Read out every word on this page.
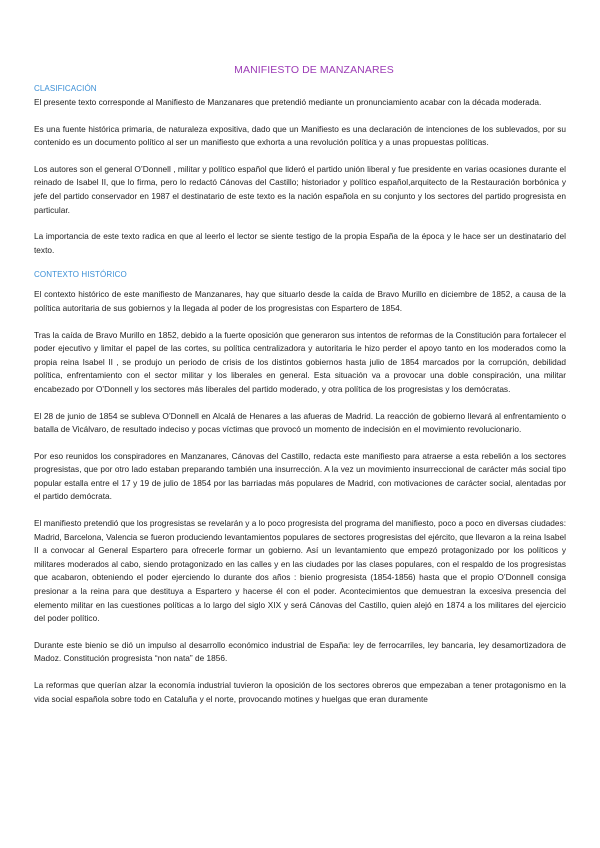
MANIFIESTO DE MANZANARES
CLASIFICACIÓN

El presente texto corresponde al Manifiesto de Manzanares que pretendió mediante un pronunciamiento acabar con la década moderada.

Es una fuente histórica primaria, de naturaleza expositiva, dado que un Manifiesto es una declaración de intenciones de los sublevados, por su contenido es un documento político al ser un manifiesto que exhorta a una revolución política y a unas propuestas políticas.

Los autores son el general O’Donnell , militar y político español que lideró el partido unión liberal y fue presidente en varias ocasiones durante el reinado de Isabel II, que lo firma, pero lo redactó Cánovas del Castillo; historiador y político español,arquitecto de la Restauración borbónica y jefe del partido conservador en 1987 el destinatario de este texto es la nación española en su conjunto y los sectores del partido progresista en particular.

La importancia de este texto radica en que al leerlo el lector se siente testigo de la propia España de la época y le hace ser un destinatario del texto.

CONTEXTO HISTÓRICO

El contexto histórico de este manifiesto de Manzanares, hay que situarlo desde la caída de Bravo Murillo en diciembre de 1852, a causa de la política autoritaria de sus gobiernos y la llegada al poder de los progresistas con Espartero de 1854.

Tras la caída de Bravo Murillo en 1852, debido a la fuerte oposición que generaron sus intentos de reformas de la Constitución para fortalecer el poder ejecutivo y limitar el papel de las cortes, su política centralizadora y autoritaria le hizo perder el apoyo tanto en los moderados como la propia reina Isabel II , se produjo un periodo de crisis de los distintos gobiernos hasta julio de 1854 marcados por la corrupción, debilidad política, enfrentamiento con el sector militar y los liberales en general. Esta situación va a provocar una doble conspiración, una militar encabezado por O’Donnell y los sectores más liberales del partido moderado, y otra política de los progresistas y los demócratas.

El 28 de junio de 1854 se subleva O’Donnell en Alcalá de Henares a las afueras de Madrid. La reacción de gobierno llevará al enfrentamiento o batalla de Vicálvaro, de resultado indeciso y pocas víctimas que provocó un momento de indecisión en el movimiento revolucionario.

Por eso reunidos los conspiradores en Manzanares, Cánovas del Castillo, redacta este manifiesto para atraerse a esta rebelión a los sectores progresistas, que por otro lado estaban preparando también una insurrección. A la vez un movimiento insurreccional de carácter más social tipo popular estalla entre el 17 y 19 de julio de 1854 por las barriadas más populares de Madrid, con motivaciones de carácter social, alentadas por el partido demócrata.

El manifiesto pretendió que los progresistas se revelarán y a lo poco progresista del programa del manifiesto, poco a poco en diversas ciudades: Madrid, Barcelona, Valencia se fueron produciendo levantamientos populares de sectores progresistas del ejército, que llevaron a la reina Isabel II a convocar al General Espartero para ofrecerle formar un gobierno. Así un levantamiento que empezó protagonizado por los políticos y militares moderados al cabo, siendo protagonizado en las calles y en las ciudades por las clases populares, con el respaldo de los progresistas que acabaron, obteniendo el poder ejerciendo lo durante dos años : bienio progresista (1854-1856) hasta que el propio O’Donnell consiga presionar a la reina para que destituya a Espartero y hacerse él con el poder. Acontecimientos que demuestran la excesiva presencia del elemento militar en las cuestiones políticas a lo largo del siglo XIX y será Cánovas del Castillo, quien alejó en 1874 a los militares del ejercicio del poder político.

Durante este bienio se dió un impulso al desarrollo económico industrial de España: ley de ferrocarriles, ley bancaria, ley desamortizadora de Madoz. Constitución progresista “non nata” de 1856.

La reformas que querían alzar la economía industrial tuvieron la oposición de los sectores obreros que empezaban a tener protagonismo en la vida social española sobre todo en Cataluña y el norte, provocando motines y huelgas que eran duramente
